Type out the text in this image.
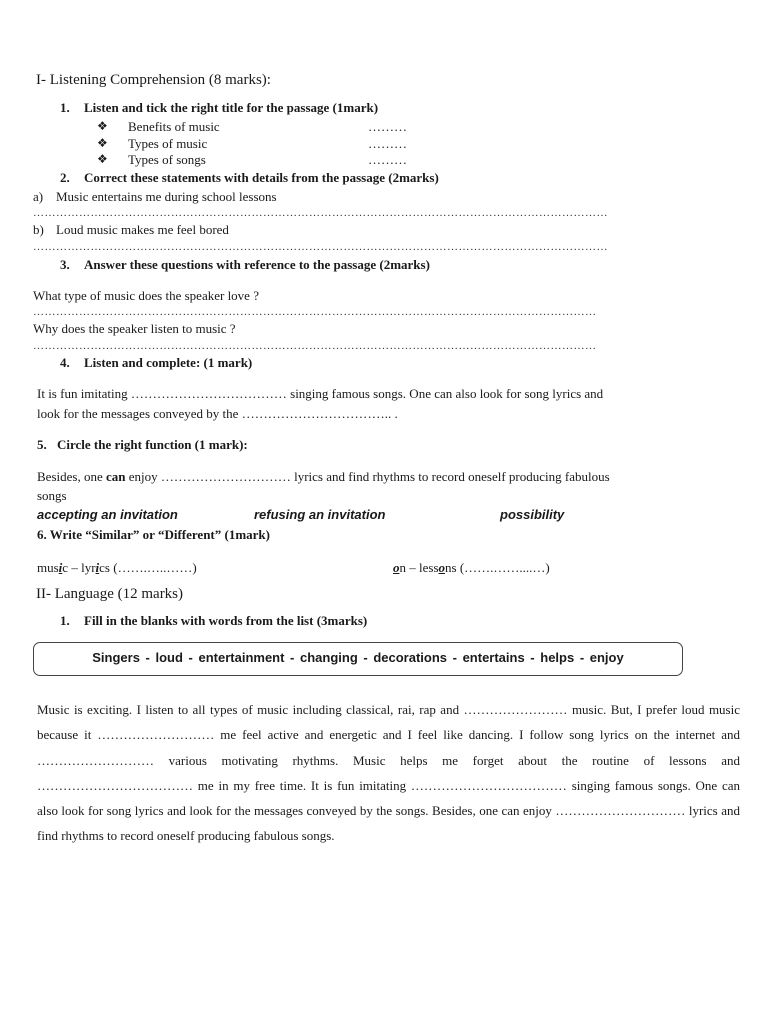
I- Listening Comprehension (8 marks):
1. Listen and tick the right title for the passage (1mark)
❖ Benefits of music	………
❖ Types of music	………
❖ Types of songs	………
2. Correct these statements with details from the passage (2marks)
a) Music entertains me during school lessons
……………………………………………………………………………………………………………………………………
b) Loud music makes me feel bored
……………………………………………………………………………………………………………………………………
3. Answer these questions with reference to the passage (2marks)
What type of music does the speaker love ?
…………………………………………………………………………………………………………………………………
Why does the speaker listen to music ?
…………………………………………………………………………………………………………………………………
4. Listen and complete: (1 mark)
It is fun imitating ……………………………… singing famous songs. One can also look for song lyrics and
look for the messages conveyed by the …………………………….. .
5. Circle the right function (1 mark):
Besides, one can enjoy ………………………… lyrics and find rhythms to record oneself producing fabulous
songs
accepting an invitation	refusing an invitation	possibility
6. Write “Similar” or “Different” (1mark)
music – lyrics (…….…..……)	on – lessons (…….……....…)
II- Language (12 marks)
1. Fill in the blanks with words from the list (3marks)
Singers - loud - entertainment - changing - decorations - entertains - helps - enjoy
Music is exciting. I listen to all types of music including classical, rai, rap and …………………… music. But, I prefer loud music because it ……………………… me feel active and energetic and I feel like dancing. I follow song lyrics on the internet and ……………………… various motivating rhythms. Music helps me forget about the routine of lessons and ……………………………… me in my free time. It is fun imitating ……………………………… singing famous songs. One can also look for song lyrics and look for the messages conveyed by the songs. Besides, one can enjoy ………………………… lyrics and find rhythms to record oneself producing fabulous songs.
